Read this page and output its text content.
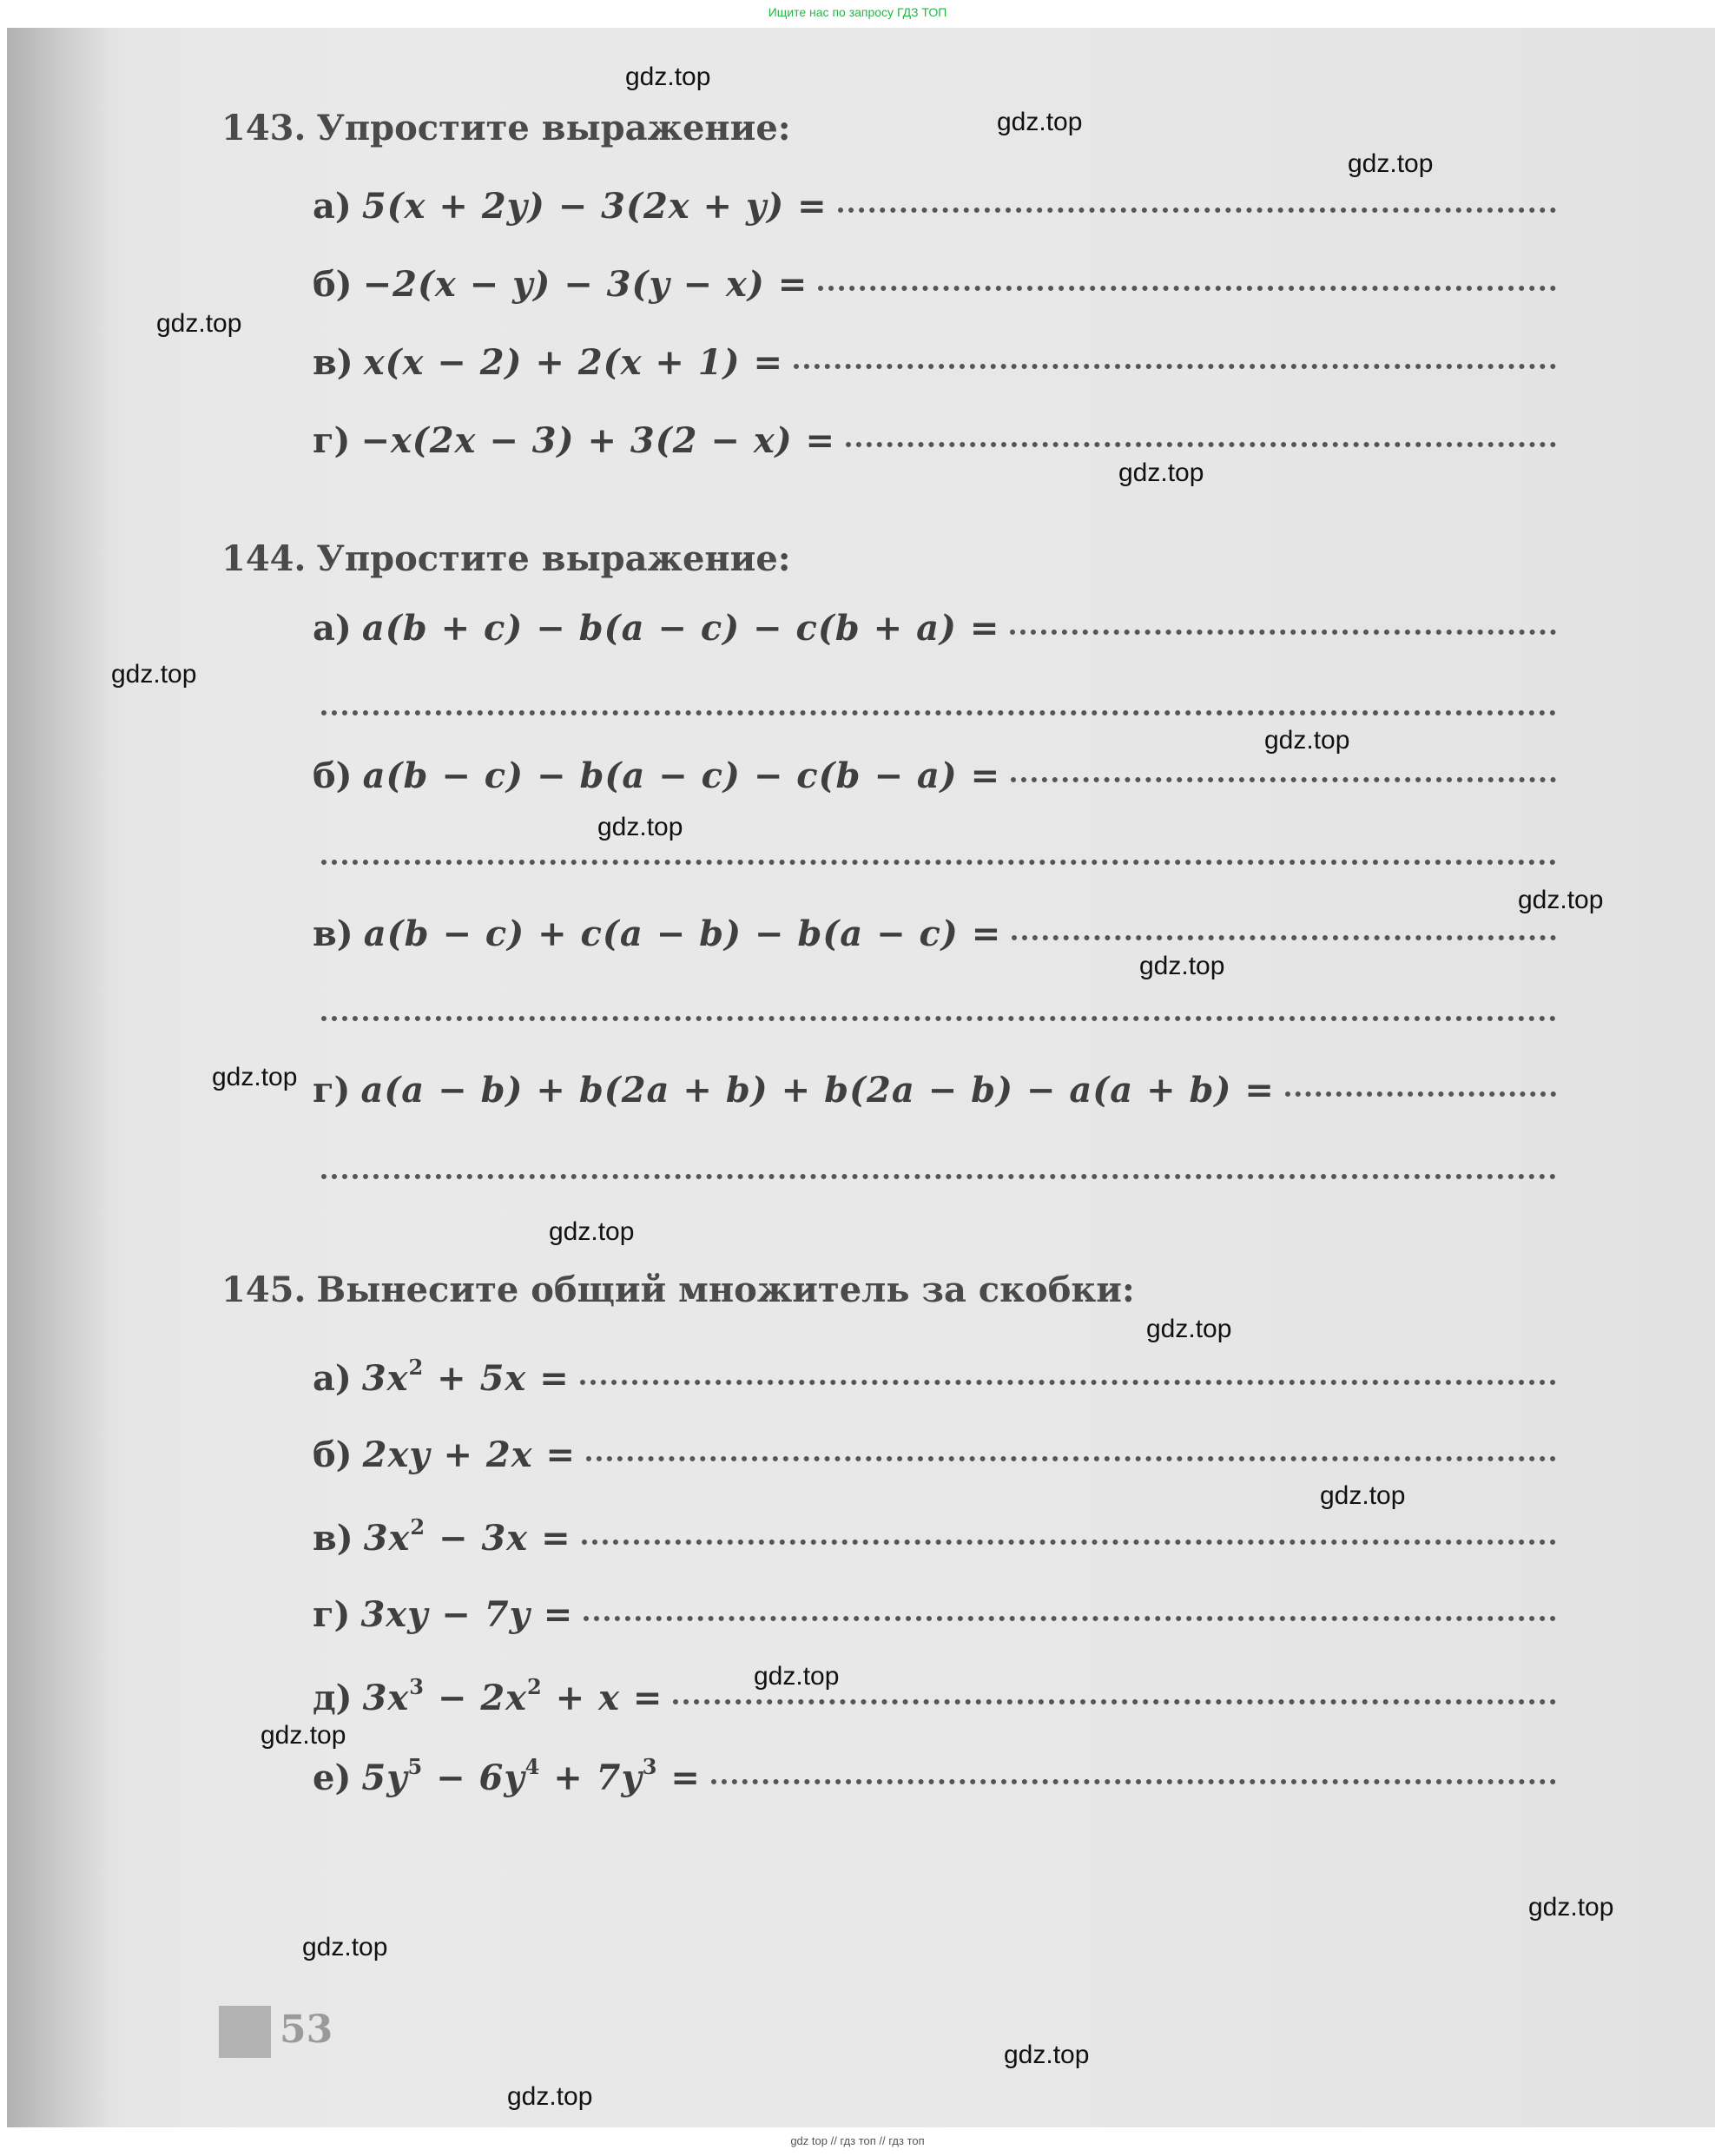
Ищите нас по запросу ГДЗ ТОП
143. Упростите выражение:
а) 5(x + 2y) − 3(2x + y) =
б) −2(x − y) − 3(y − x) =
в) x(x − 2) + 2(x + 1) =
г) −x(2x − 3) + 3(2 − x) =
144. Упростите выражение:
а) a(b + c) − b(a − c) − c(b + a) =
б) a(b − c) − b(a − c) − c(b − a) =
в) a(b − c) + c(a − b) − b(a − c) =
г) a(a − b) + b(2a + b) + b(2a − b) − a(a + b) =
145. Вынесите общий множитель за скобки:
а) $3x^2 + 5x$ =
б) 2xy + 2x =
в) $3x^2 - 3x$ =
г) 3xy − 7y =
д) $3x^3 - 2x^2 + x$ =
е) $5y^5 - 6y^4 + 7y^3$ =
53
gdz.top
gdz.top
gdz.top
gdz.top
gdz.top
gdz.top
gdz.top
gdz.top
gdz.top
gdz.top
gdz.top
gdz.top
gdz.top
gdz.top
gdz.top
gdz.top
gdz.top
gdz.top
gdz.top
gdz.top
gdz top // гдз топ // гдз топ
